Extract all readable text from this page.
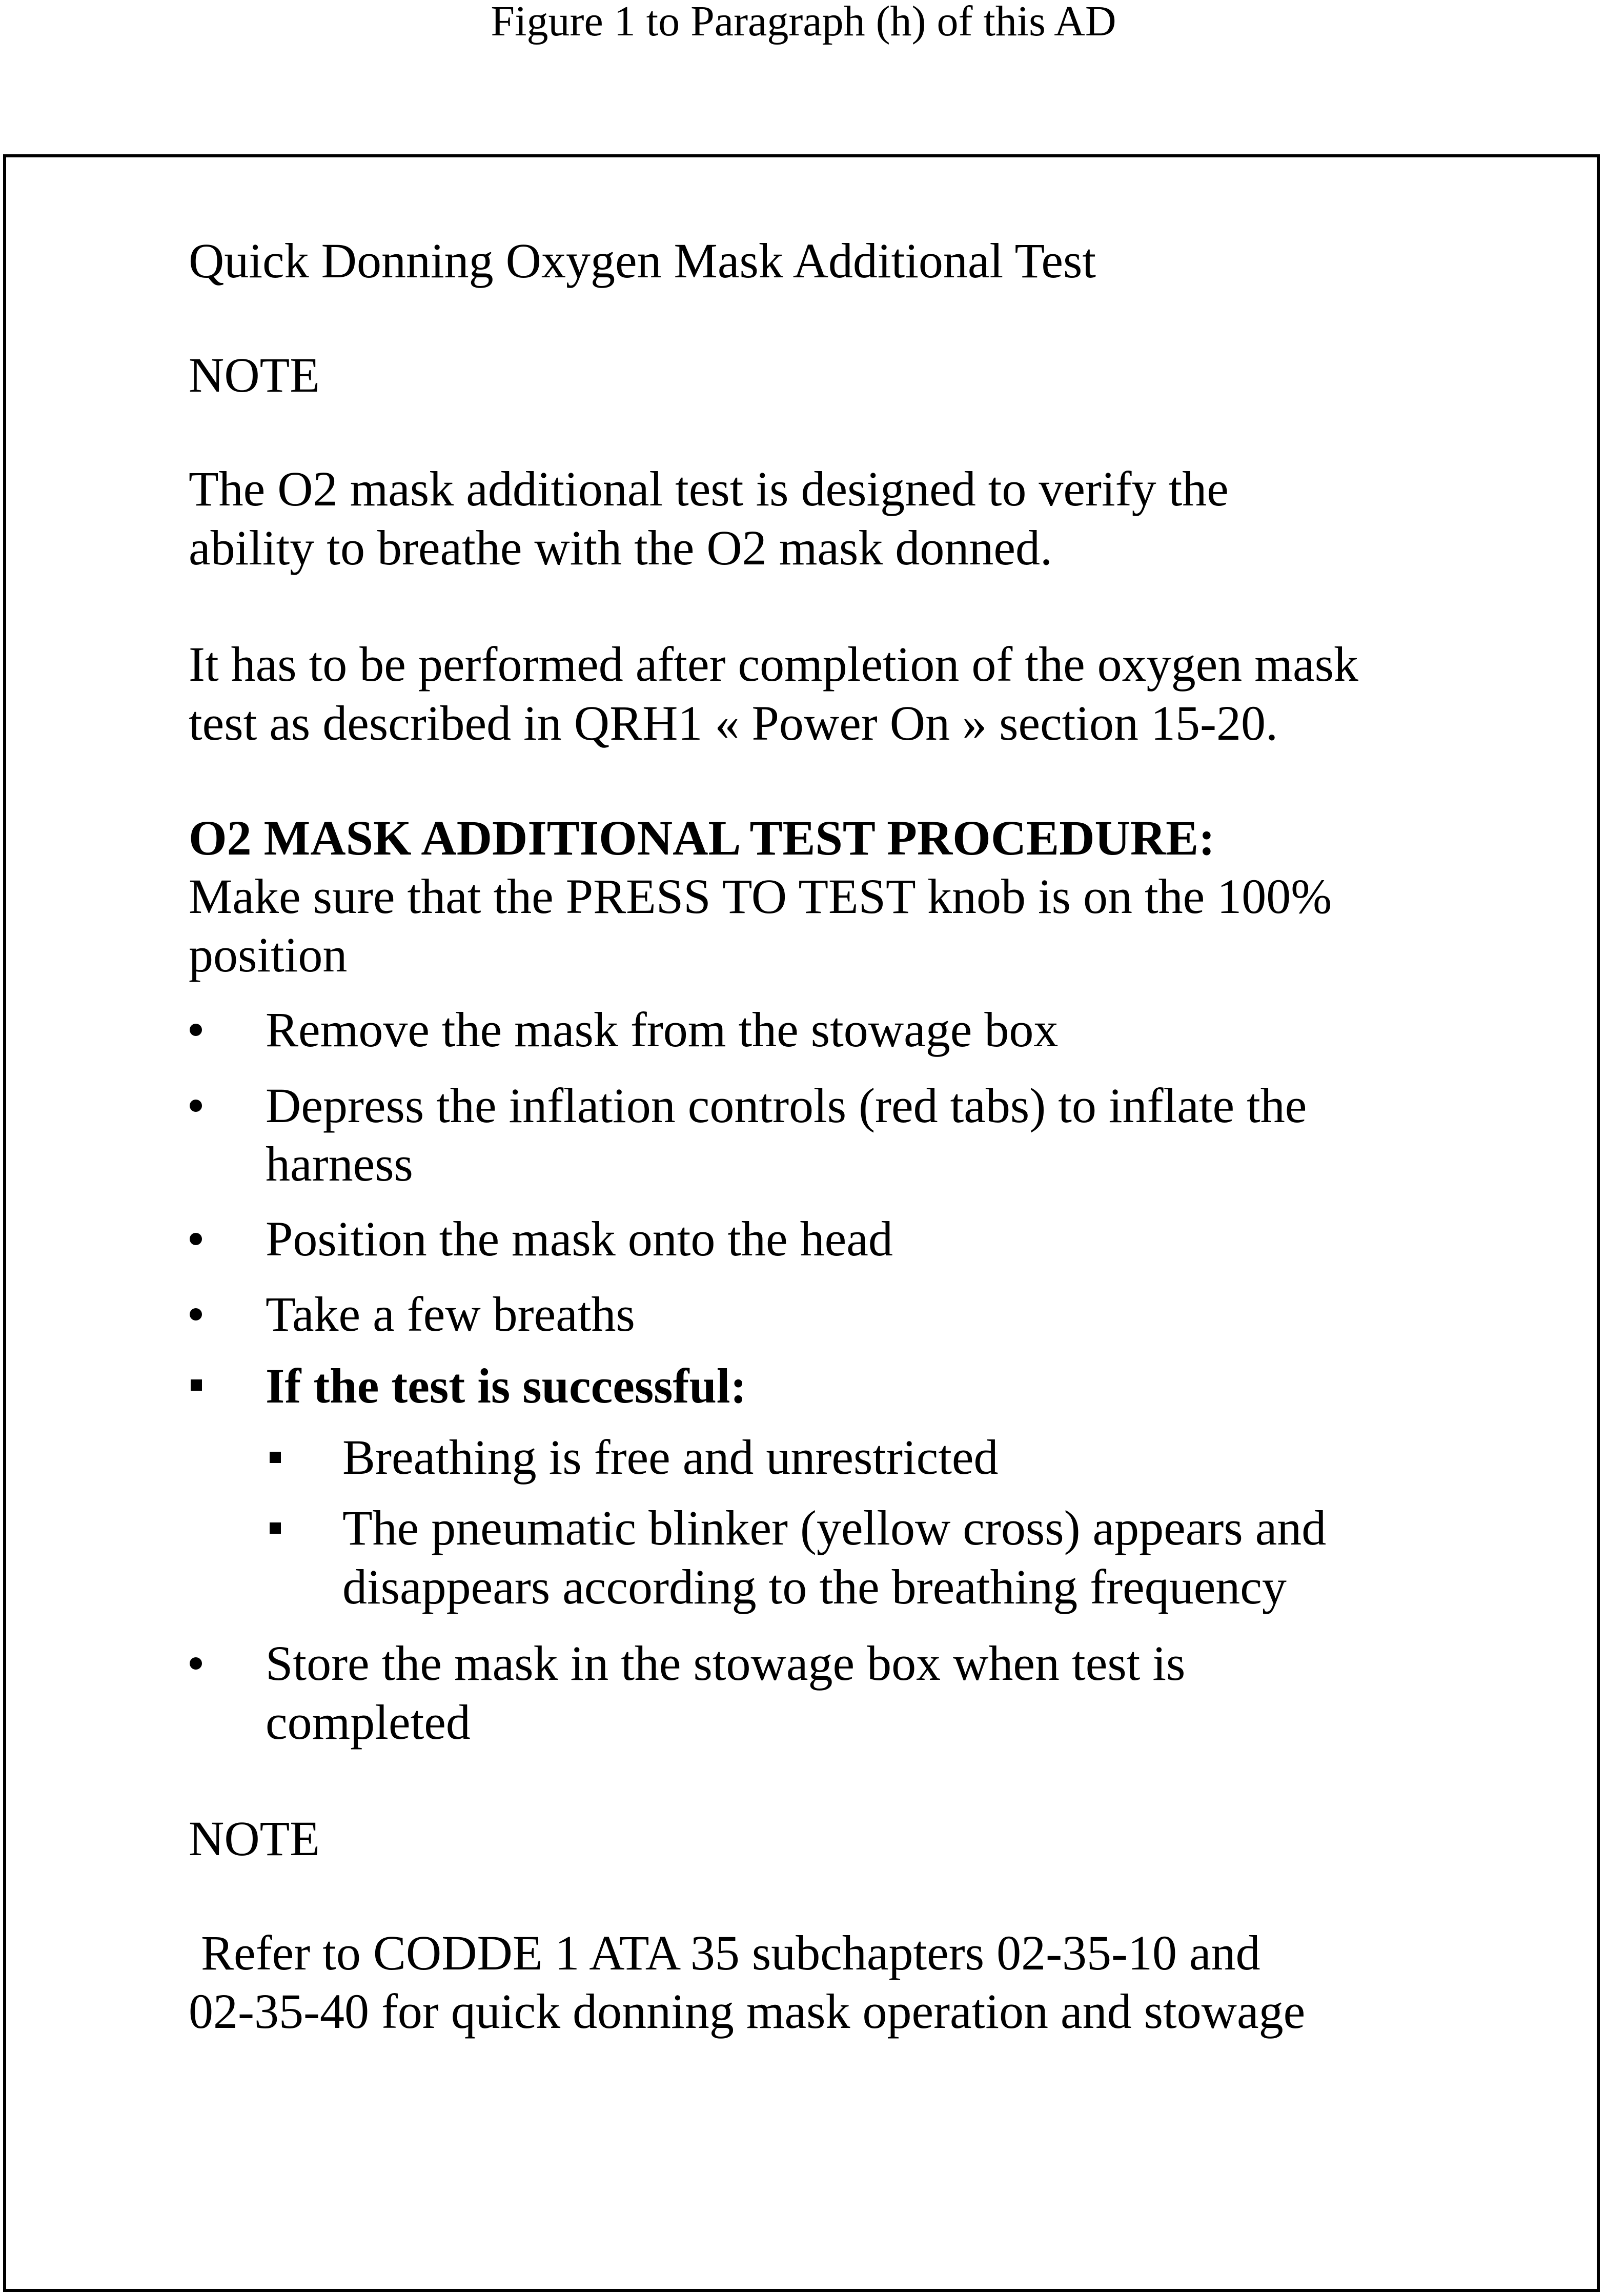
Figure 1 to Paragraph (h) of this AD
Quick Donning Oxygen Mask Additional Test
NOTE
The O2 mask additional test is designed to verify the
ability to breathe with the O2 mask donned.
It has to be performed after completion of the oxygen mask
test as described in QRH1 « Power On » section 15-20.
O2 MASK ADDITIONAL TEST PROCEDURE:
Make sure that the PRESS TO TEST knob is on the 100%
position
Remove the mask from the stowage box
Depress the inflation controls (red tabs) to inflate the
harness
Position the mask onto the head
Take a few breaths
If the test is successful:
Breathing is free and unrestricted
The pneumatic blinker (yellow cross) appears and
disappears according to the breathing frequency
Store the mask in the stowage box when test is
completed
NOTE
Refer to CODDE 1 ATA 35 subchapters 02-35-10 and
02-35-40 for quick donning mask operation and stowage
